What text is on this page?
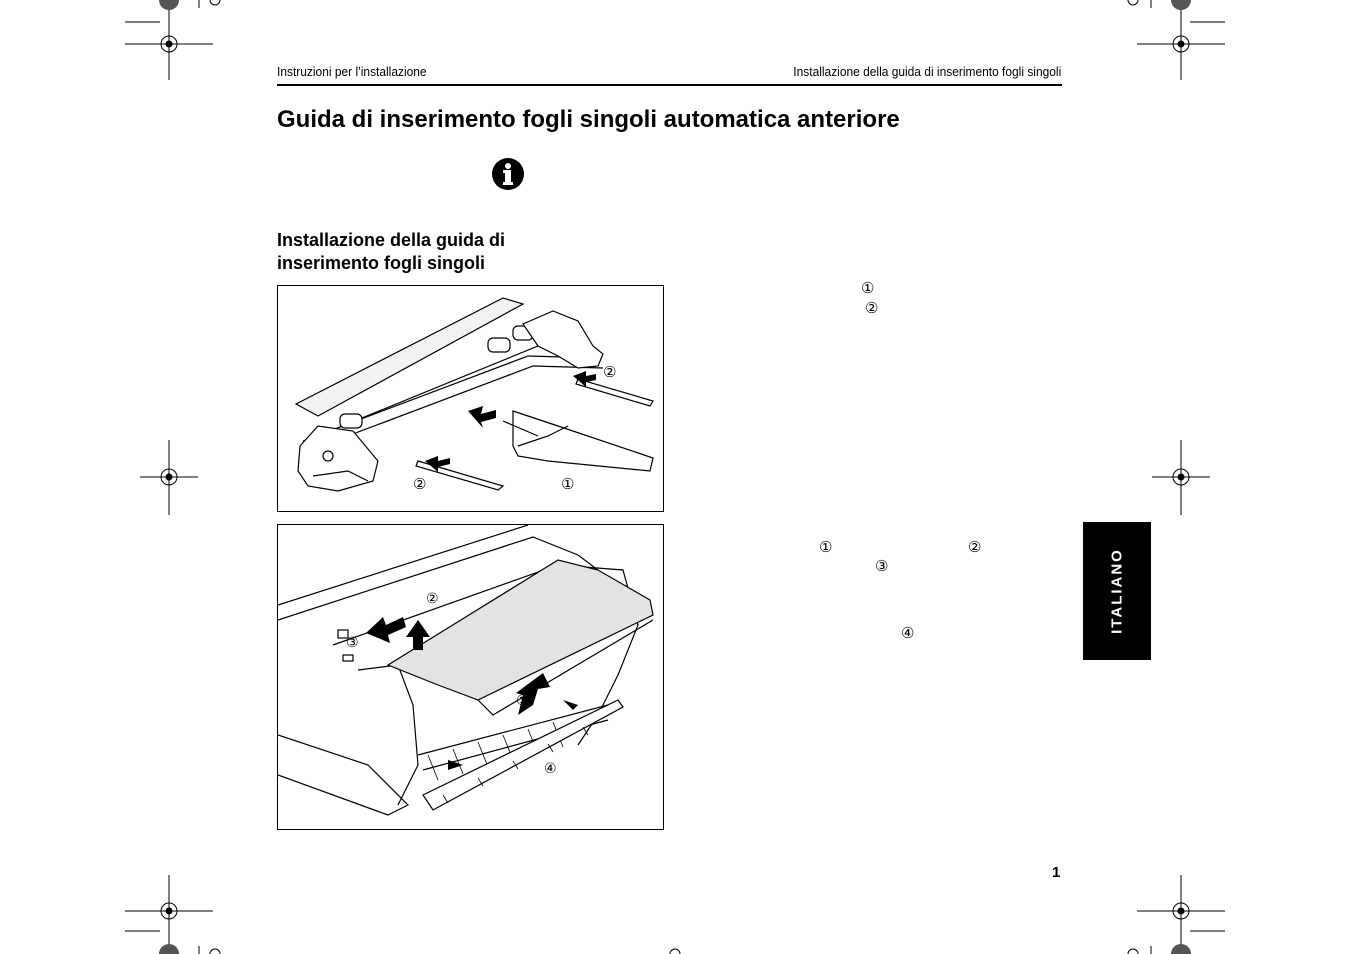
Instruzioni per l’installazione	Installazione della guida di inserimento fogli singoli
Guida di inserimento fogli singoli automatica anteriore
Installazione della guida di
inserimento fogli singoli
②
②	①
②
③
①
④
①
②
①	②
③
④	ITALIANO
1
